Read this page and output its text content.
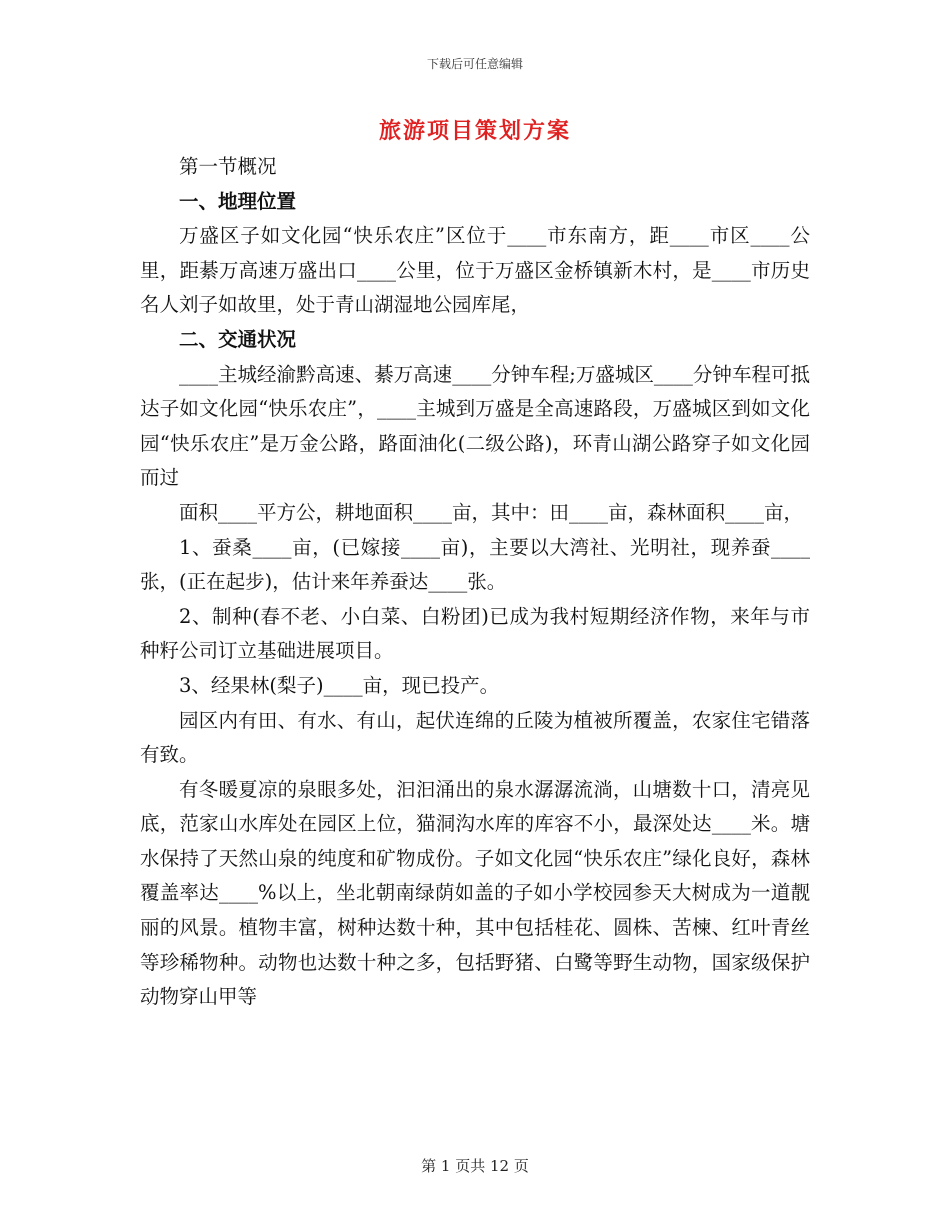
下载后可任意编辑
旅游项目策划方案

第一节概况

一、地理位置

万盛区子如文化园“快乐农庄”区位于____市东南方，距____市区____公里，距綦万高速万盛出口____公里，位于万盛区金桥镇新木村，是____市历史名人刘子如故里，处于青山湖湿地公园库尾，

二、交通状况

____主城经渝黔高速、綦万高速____分钟车程;万盛城区____分钟车程可抵达子如文化园“快乐农庄”，____主城到万盛是全高速路段，万盛城区到如文化园“快乐农庄”是万金公路，路面油化(二级公路)，环青山湖公路穿子如文化园而过

面积____平方公，耕地面积____亩，其中：田____亩，森林面积____亩，

1、蚕桑____亩，(已嫁接____亩)，主要以大湾社、光明社，现养蚕____张，(正在起步)，估计来年养蚕达____张。

2、制种(春不老、小白菜、白粉团)已成为我村短期经济作物，来年与市种籽公司订立基础进展项目。

3、经果林(梨子)____亩，现已投产。

园区内有田、有水、有山，起伏连绵的丘陵为植被所覆盖，农家住宅错落有致。

有冬暖夏凉的泉眼多处，汩汩涌出的泉水潺潺流淌，山塘数十口，清亮见底，范家山水库处在园区上位，猫洞沟水库的库容不小，最深处达____米。塘水保持了天然山泉的纯度和矿物成份。子如文化园“快乐农庄”绿化良好，森林覆盖率达____%以上，坐北朝南绿荫如盖的子如小学校园参天大树成为一道靓丽的风景。植物丰富，树种达数十种，其中包括桂花、圆株、苦楝、红叶青丝等珍稀物种。动物也达数十种之多，包括野猪、白鹭等野生动物，国家级保护动物穿山甲等

第 1 页共 12 页
